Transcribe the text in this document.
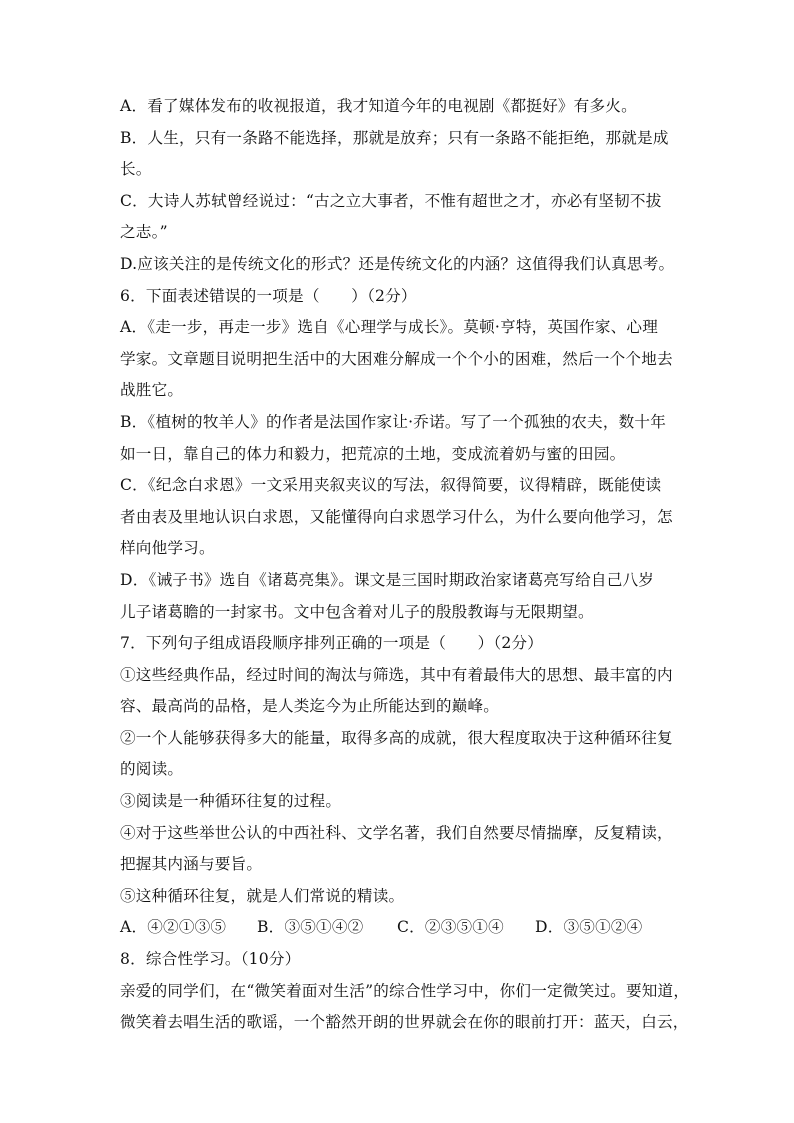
A．看了媒体发布的收视报道，我才知道今年的电视剧《都挺好》有多火。
B．人生，只有一条路不能选择，那就是放弃；只有一条路不能拒绝，那就是成
长。
C．大诗人苏轼曾经说过：“古之立大事者，不惟有超世之才，亦必有坚韧不拔
之志。”
D.应该关注的是传统文化的形式？还是传统文化的内涵？这值得我们认真思考。
6．下面表述错误的一项是（　　）（2分）
A．《走一步，再走一步》选自《心理学与成长》。莫顿·亨特，英国作家、心理
学家。文章题目说明把生活中的大困难分解成一个个小的困难，然后一个个地去
战胜它。
B．《植树的牧羊人》的作者是法国作家让·乔诺。写了一个孤独的农夫，数十年
如一日，靠自己的体力和毅力，把荒凉的土地，变成流着奶与蜜的田园。
C．《纪念白求恩》一文采用夹叙夹议的写法，叙得简要，议得精辟，既能使读
者由表及里地认识白求恩，又能懂得向白求恩学习什么，为什么要向他学习，怎
样向他学习。
D．《诫子书》选自《诸葛亮集》。课文是三国时期政治家诸葛亮写给自己八岁
儿子诸葛瞻的一封家书。文中包含着对儿子的殷殷教诲与无限期望。
7．下列句子组成语段顺序排列正确的一项是（　　）（2分）
①这些经典作品，经过时间的淘汰与筛选，其中有着最伟大的思想、最丰富的内
容、最高尚的品格，是人类迄今为止所能达到的巅峰。
②一个人能够获得多大的能量，取得多高的成就，很大程度取决于这种循环往复
的阅读。
③阅读是一种循环往复的过程。
④对于这些举世公认的中西社科、文学名著，我们自然要尽情揣摩，反复精读，
把握其内涵与要旨。
⑤这种循环往复，就是人们常说的精读。
A．④②①③⑤	B．③⑤①④②	C．②③⑤①④	D．③⑤①②④
8．综合性学习。（10分）
亲爱的同学们，在“微笑着面对生活”的综合性学习中，你们一定微笑过。要知道，
微笑着去唱生活的歌谣，一个豁然开朗的世界就会在你的眼前打开：蓝天，白云，
